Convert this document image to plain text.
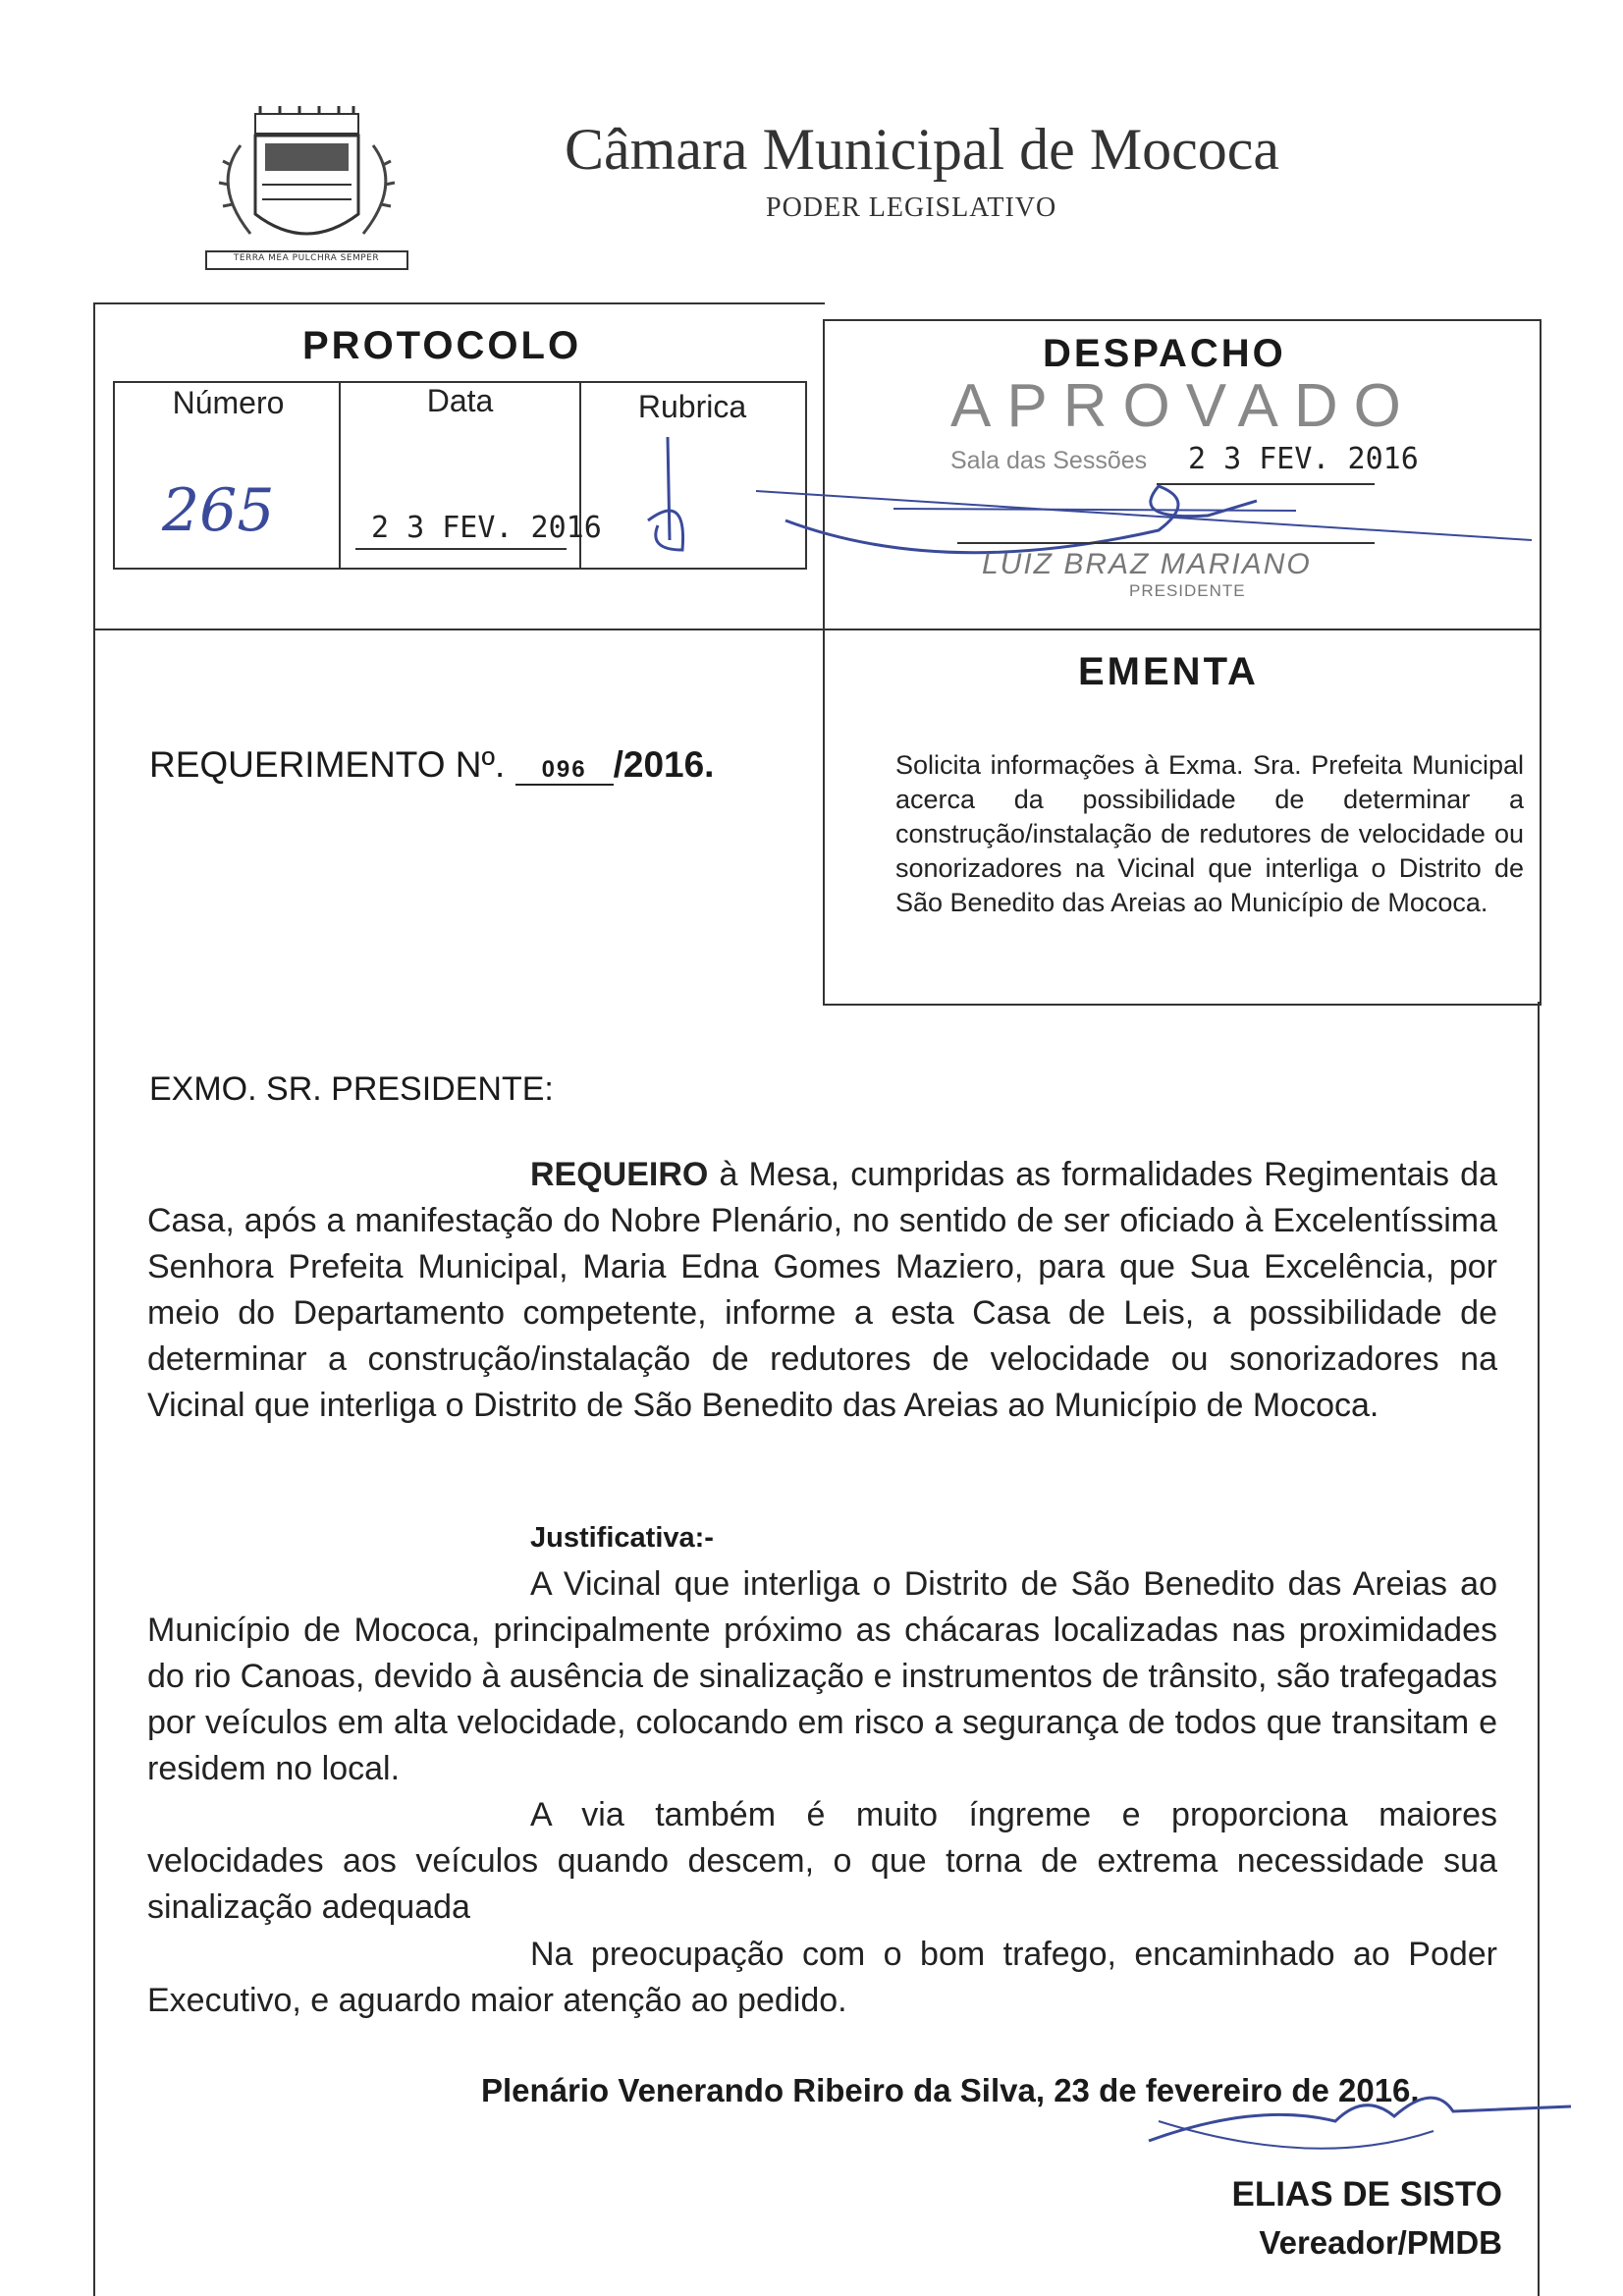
TERRA MEA PULCHRA SEMPER
Câmara Municipal de Mococa
PODER LEGISLATIVO
PROTOCOLO
Número	Data	Rubrica
265	2 3 FEV. 2016
DESPACHO
APROVADO
Sala das Sessões 2 3 FEV. 2016
LUIZ BRAZ MARIANO
PRESIDENTE
EMENTA
Solicita informações à Exma. Sra. Prefeita Municipal acerca da possibilidade de determinar a construção/instalação de redutores de velocidade ou sonorizadores na Vicinal que interliga o Distrito de São Benedito das Areias ao Município de Mococa.
REQUERIMENTO Nº. 096 /2016.
EXMO. SR. PRESIDENTE:
REQUEIRO à Mesa, cumpridas as formalidades Regimentais da Casa, após a manifestação do Nobre Plenário, no sentido de ser oficiado à Excelentíssima Senhora Prefeita Municipal, Maria Edna Gomes Maziero, para que Sua Excelência, por meio do Departamento competente, informe a esta Casa de Leis, a possibilidade de determinar a construção/instalação de redutores de velocidade ou sonorizadores na Vicinal que interliga o Distrito de São Benedito das Areias ao Município de Mococa.
Justificativa:-
A Vicinal que interliga o Distrito de São Benedito das Areias ao Município de Mococa, principalmente próximo as chácaras localizadas nas proximidades do rio Canoas, devido à ausência de sinalização e instrumentos de trânsito, são trafegadas por veículos em alta velocidade, colocando em risco a segurança de todos que transitam e residem no local.
A via também é muito íngreme e proporciona maiores velocidades aos veículos quando descem, o que torna de extrema necessidade sua sinalização adequada
Na preocupação com o bom trafego, encaminhado ao Poder Executivo, e aguardo maior atenção ao pedido.
Plenário Venerando Ribeiro da Silva, 23 de fevereiro de 2016.
ELIAS DE SISTO
Vereador/PMDB
